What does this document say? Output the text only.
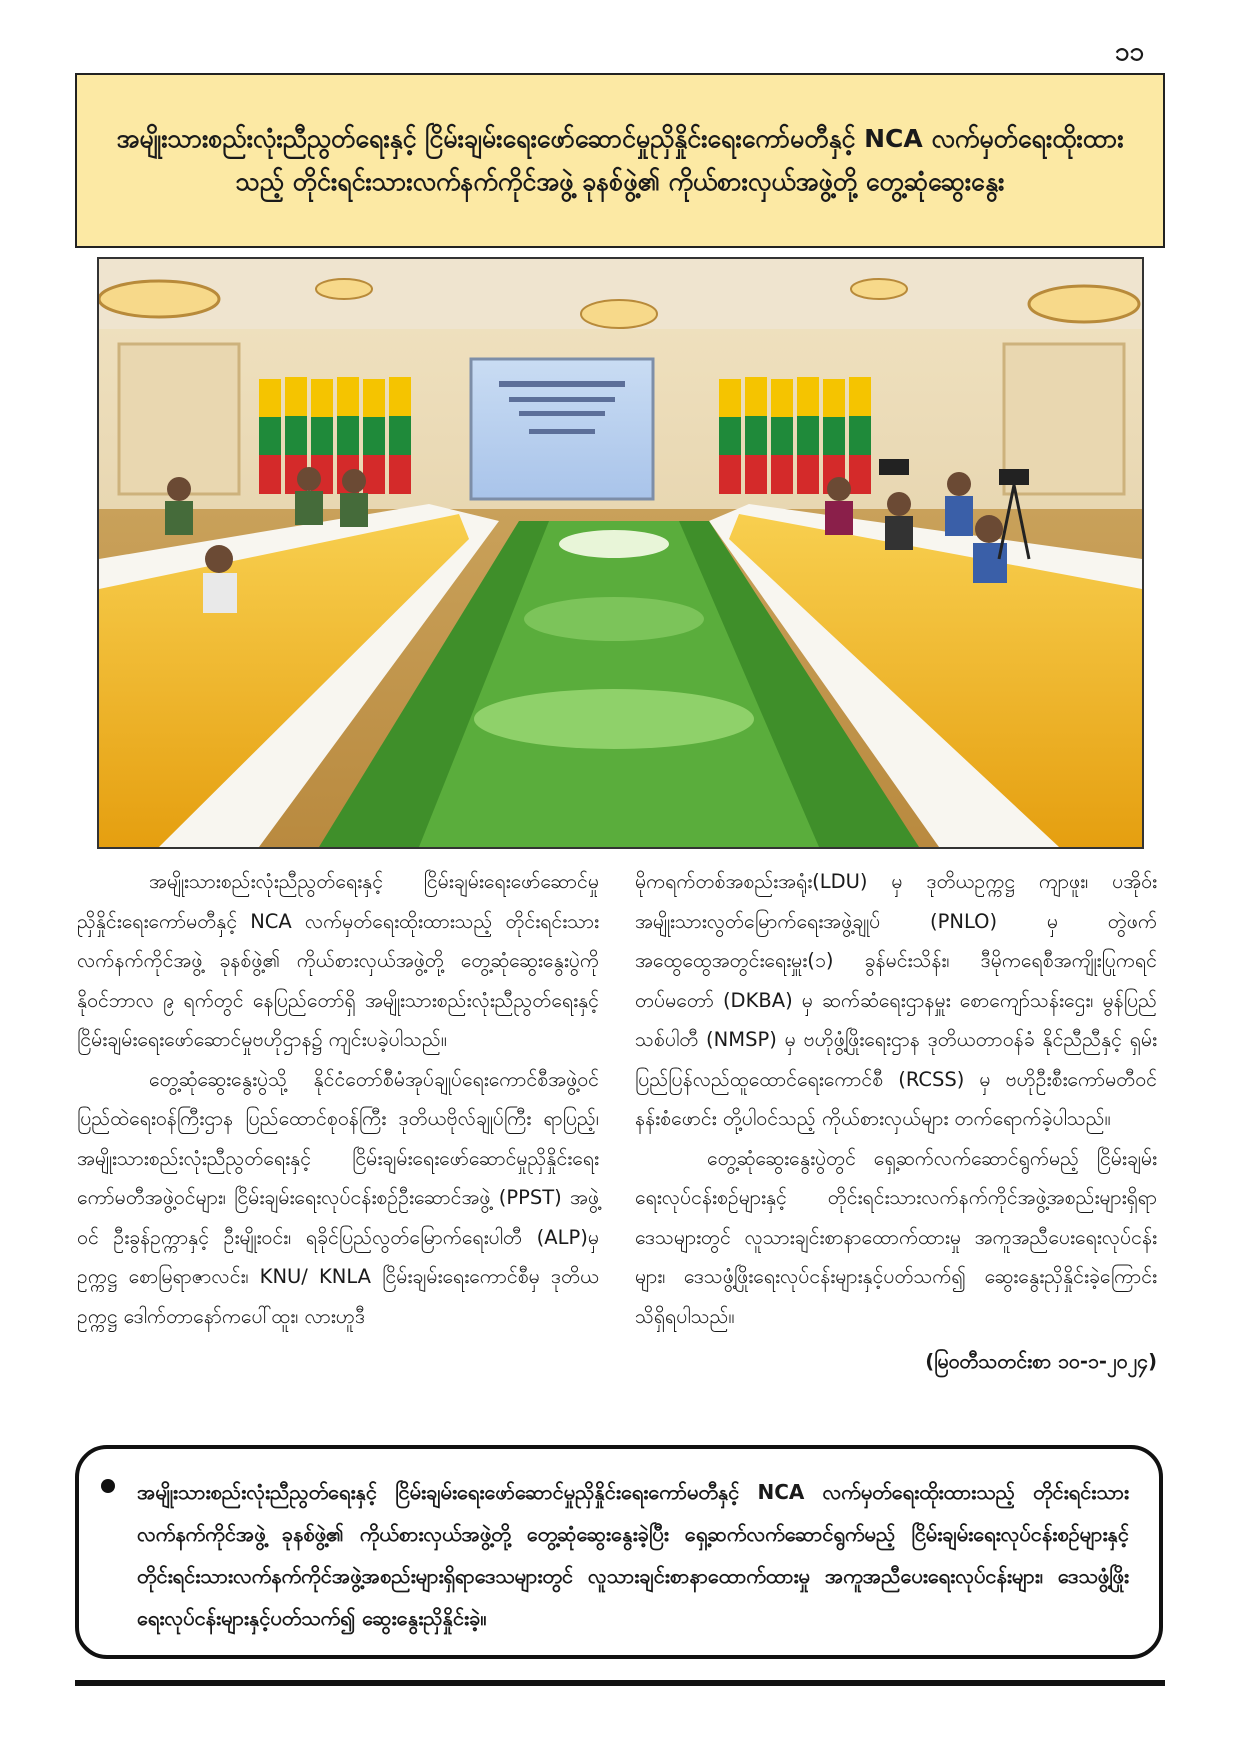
၁၁
အမျိုးသားစည်းလုံးညီညွတ်ရေးနှင့် ငြိမ်းချမ်းရေးဖော်ဆောင်မှုညှိနှိုင်းရေးကော်မတီနှင့် NCA လက်မှတ်ရေးထိုးထားသည့် တိုင်းရင်းသားလက်နက်ကိုင်အဖွဲ့ ခုနစ်ဖွဲ့၏ ကိုယ်စားလှယ်အဖွဲ့တို့ တွေ့ဆုံဆွေးနွေး

အမျိုးသားစည်းလုံးညီညွတ်ရေးနှင့် ငြိမ်းချမ်းရေးဖော်ဆောင်မှုညှိနှိုင်းရေးကော်မတီနှင့် NCA လက်မှတ်ရေးထိုးထားသည့် တိုင်းရင်းသားလက်နက်ကိုင်အဖွဲ့ ခုနစ်ဖွဲ့၏ ကိုယ်စားလှယ်အဖွဲ့တို့ တွေ့ဆုံဆွေးနွေးပွဲကို နိုဝင်ဘာလ ၉ ရက်တွင် နေပြည်တော်ရှိ အမျိုးသားစည်းလုံးညီညွတ်ရေးနှင့် ငြိမ်းချမ်းရေးဖော်ဆောင်မှုဗဟိုဌာန၌ ကျင်းပခဲ့ပါသည်။

တွေ့ဆုံဆွေးနွေးပွဲသို့ နိုင်ငံတော်စီမံအုပ်ချုပ်ရေးကောင်စီအဖွဲ့ဝင် ပြည်ထဲရေးဝန်ကြီးဌာန ပြည်ထောင်စုဝန်ကြီး ဒုတိယဗိုလ်ချုပ်ကြီး ရာပြည့်၊ အမျိုးသားစည်းလုံးညီညွတ်ရေးနှင့် ငြိမ်းချမ်းရေးဖော်ဆောင်မှုညှိနှိုင်းရေးကော်မတီအဖွဲ့ဝင်များ၊ ငြိမ်းချမ်းရေးလုပ်ငန်းစဉ်ဦးဆောင်အဖွဲ့ (PPST) အဖွဲ့ဝင် ဦးခွန်ဥက္ကာနှင့် ဦးမျိုးဝင်း၊ ရခိုင်ပြည်လွတ်မြောက်ရေးပါတီ (ALP)မှ ဥက္ကဋ္ဌ စောမြရာဇာလင်း၊ KNU/ KNLA ငြိမ်းချမ်းရေးကောင်စီမှ ဒုတိယဥက္ကဋ္ဌ ဒေါက်တာနော်ကပေါ်ထူး၊ လားဟူဒီ

မိုကရက်တစ်အစည်းအရုံး(LDU) မှ ဒုတိယဥက္ကဋ္ဌ ကျာဖူး၊ ပအိုဝ်းအမျိုးသားလွတ်မြောက်ရေးအဖွဲ့ချုပ် (PNLO) မှ တွဲဖက်အထွေထွေအတွင်းရေးမှူး(၁) ခွန်မင်းသိန်း၊ ဒီမိုကရေစီအကျိုးပြုကရင်တပ်မတော် (DKBA) မှ ဆက်ဆံရေးဌာနမှူး စောကျော်သန်းဌေး၊ မွန်ပြည်သစ်ပါတီ (NMSP) မှ ဗဟိုဖွံ့ဖြိုးရေးဌာန ဒုတိယတာဝန်ခံ နိုင်ညီညီနှင့် ရှမ်းပြည်ပြန်လည်ထူထောင်ရေးကောင်စီ (RCSS) မှ ဗဟိုဦးစီးကော်မတီဝင် နန်းစံဖောင်း တို့ပါဝင်သည့် ကိုယ်စားလှယ်များ တက်ရောက်ခဲ့ပါသည်။

တွေ့ဆုံဆွေးနွေးပွဲတွင် ရှေ့ဆက်လက်ဆောင်ရွက်မည့် ငြိမ်းချမ်းရေးလုပ်ငန်းစဉ်များနှင့် တိုင်းရင်းသားလက်နက်ကိုင်အဖွဲ့အစည်းများရှိရာဒေသများတွင် လူသားချင်းစာနာထောက်ထားမှု အကူအညီပေးရေးလုပ်ငန်းများ၊ ဒေသဖွံ့ဖြိုးရေးလုပ်ငန်းများနှင့်ပတ်သက်၍ ဆွေးနွေးညှိနှိုင်းခဲ့ကြောင်း သိရှိရပါသည်။

(မြဝတီသတင်းစာ ၁၀-၁-၂၀၂၄)
အမျိုးသားစည်းလုံးညီညွတ်ရေးနှင့် ငြိမ်းချမ်းရေးဖော်ဆောင်မှုညှိနှိုင်းရေးကော်မတီနှင့် NCA လက်မှတ်ရေးထိုးထားသည့် တိုင်းရင်းသားလက်နက်ကိုင်အဖွဲ့ ခုနစ်ဖွဲ့၏ ကိုယ်စားလှယ်အဖွဲ့တို့ တွေ့ဆုံဆွေးနွေးခဲ့ပြီး ရှေ့ဆက်လက်ဆောင်ရွက်မည့် ငြိမ်းချမ်းရေးလုပ်ငန်းစဉ်များနှင့် တိုင်းရင်းသားလက်နက်ကိုင်အဖွဲ့အစည်းများရှိရာဒေသများတွင် လူသားချင်းစာနာထောက်ထားမှု အကူအညီပေးရေးလုပ်ငန်းများ၊ ဒေသဖွံ့ဖြိုးရေးလုပ်ငန်းများနှင့်ပတ်သက်၍ ဆွေးနွေးညှိနှိုင်းခဲ့။
